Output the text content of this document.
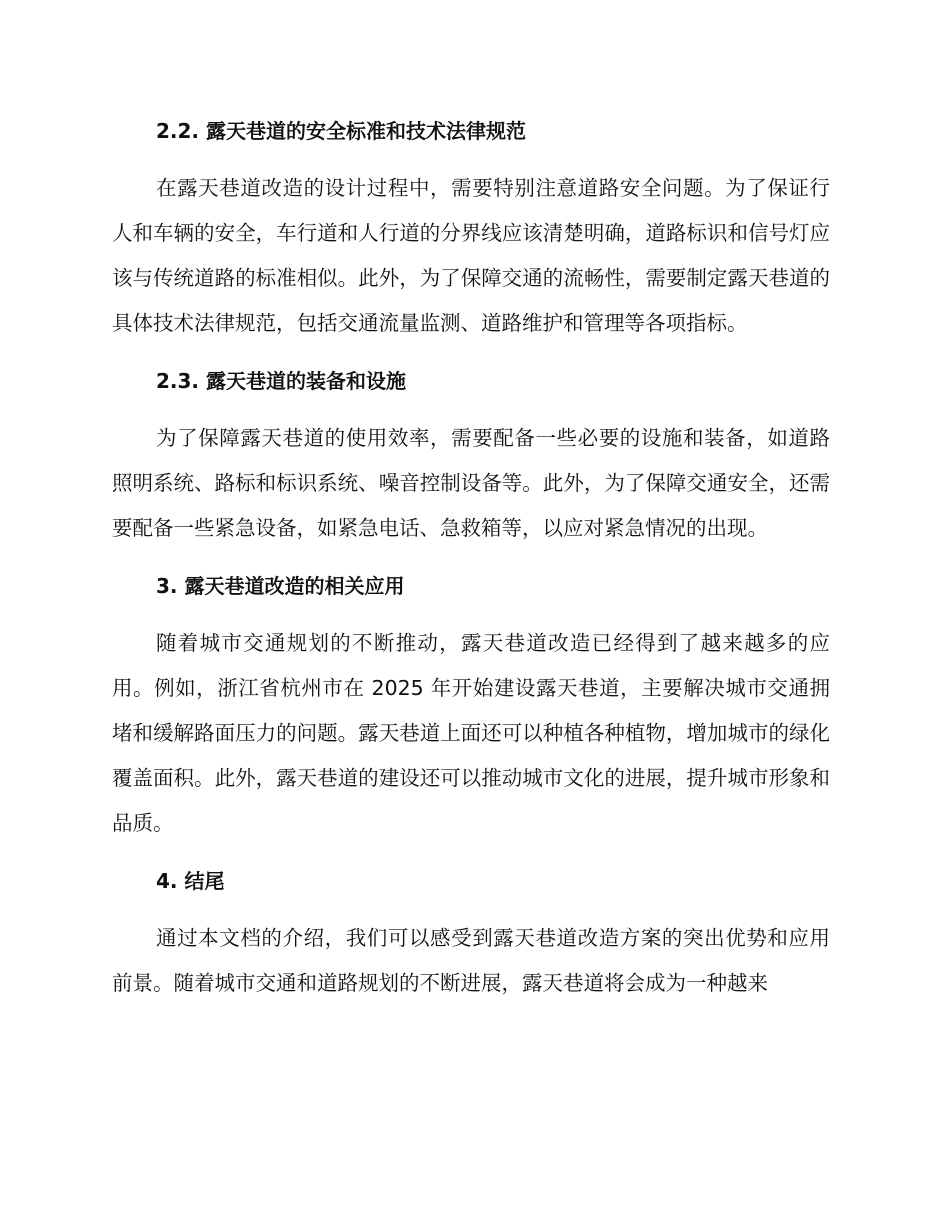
2.2. 露天巷道的安全标准和技术法律规范

在露天巷道改造的设计过程中，需要特别注意道路安全问题。为了保证行人和车辆的安全，车行道和人行道的分界线应该清楚明确，道路标识和信号灯应该与传统道路的标准相似。此外，为了保障交通的流畅性，需要制定露天巷道的具体技术法律规范，包括交通流量监测、道路维护和管理等各项指标。

2.3. 露天巷道的装备和设施

为了保障露天巷道的使用效率，需要配备一些必要的设施和装备，如道路照明系统、路标和标识系统、噪音控制设备等。此外，为了保障交通安全，还需要配备一些紧急设备，如紧急电话、急救箱等，以应对紧急情况的出现。

3. 露天巷道改造的相关应用

随着城市交通规划的不断推动，露天巷道改造已经得到了越来越多的应用。例如，浙江省杭州市在 2025 年开始建设露天巷道，主要解决城市交通拥堵和缓解路面压力的问题。露天巷道上面还可以种植各种植物，增加城市的绿化覆盖面积。此外，露天巷道的建设还可以推动城市文化的进展，提升城市形象和品质。

4. 结尾

通过本文档的介绍，我们可以感受到露天巷道改造方案的突出优势和应用前景。随着城市交通和道路规划的不断进展，露天巷道将会成为一种越来
